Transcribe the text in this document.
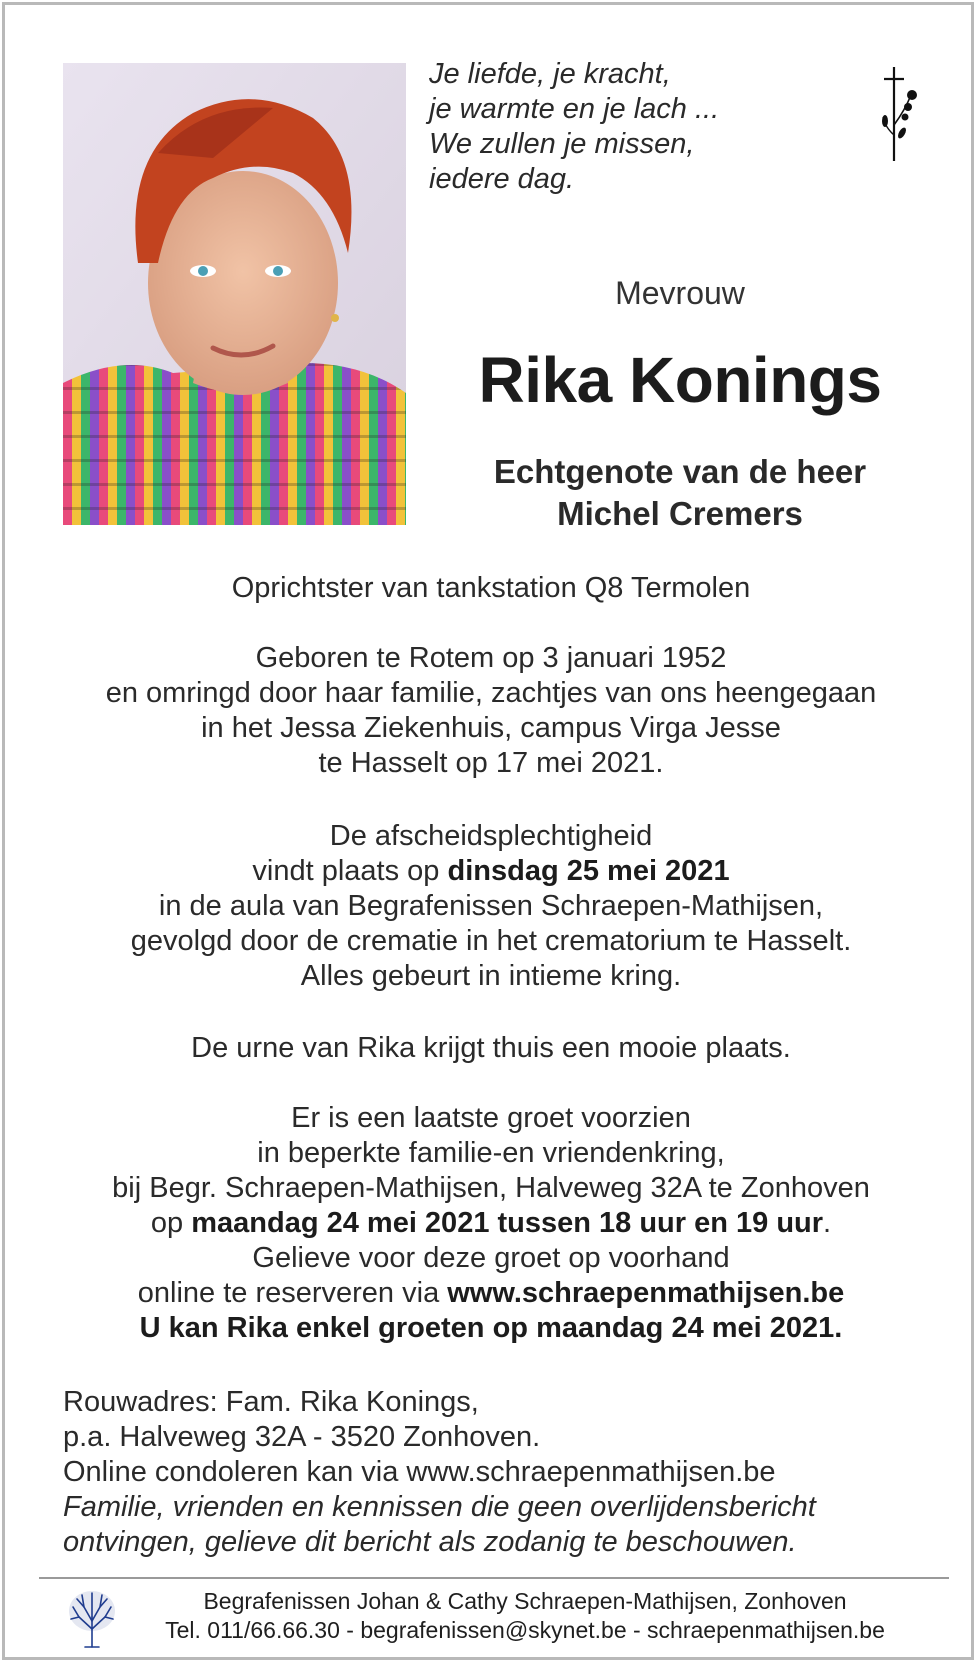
Je liefde, je kracht,
je warmte en je lach ...
We zullen je missen,
iedere dag.
Mevrouw
Rika Konings
Echtgenote van de heer
Michel Cremers
Oprichtster van tankstation Q8 Termolen
Geboren te Rotem op 3 januari 1952
en omringd door haar familie, zachtjes van ons heengegaan
in het Jessa Ziekenhuis, campus Virga Jesse
te Hasselt op 17 mei 2021.
De afscheidsplechtigheid
vindt plaats op dinsdag 25 mei 2021
in de aula van Begrafenissen Schraepen-Mathijsen,
gevolgd door de crematie in het crematorium te Hasselt.
Alles gebeurt in intieme kring.
De urne van Rika krijgt thuis een mooie plaats.
Er is een laatste groet voorzien
in beperkte familie-en vriendenkring,
bij Begr. Schraepen-Mathijsen, Halveweg 32A te Zonhoven
op maandag 24 mei 2021 tussen 18 uur en 19 uur.
Gelieve voor deze groet op voorhand
online te reserveren via www.schraepenmathijsen.be
U kan Rika enkel groeten op maandag 24 mei 2021.
Rouwadres: Fam. Rika Konings,
p.a. Halveweg 32A - 3520 Zonhoven.
Online condoleren kan via www.schraepenmathijsen.be
Familie, vrienden en kennissen die geen overlijdensbericht
ontvingen, gelieve dit bericht als zodanig te beschouwen.
Begrafenissen Johan & Cathy Schraepen-Mathijsen, Zonhoven
Tel. 011/66.66.30 - begrafenissen@skynet.be - schraepenmathijsen.be
